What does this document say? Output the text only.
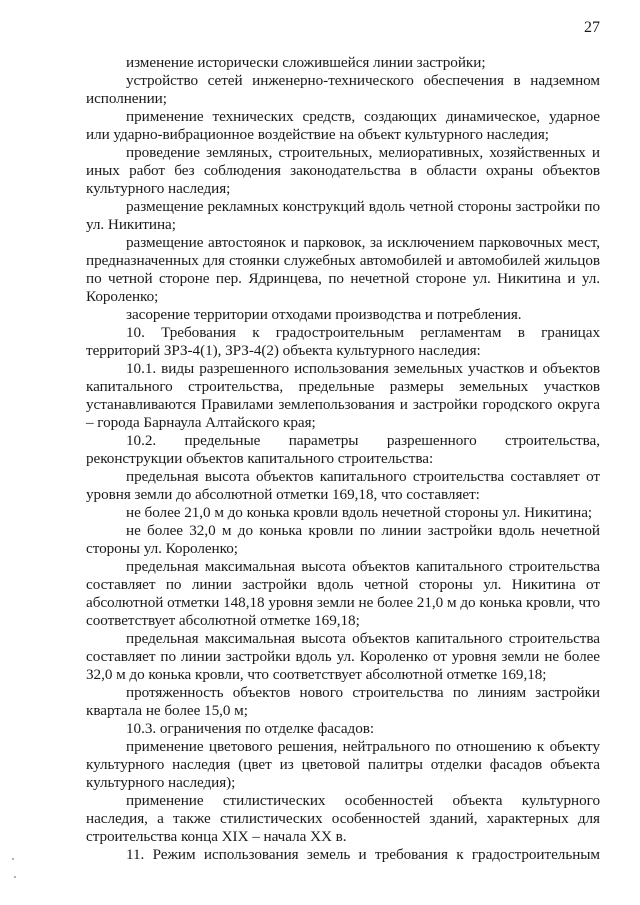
27

изменение исторически сложившейся линии застройки;

устройство сетей инженерно-технического обеспечения в надземном исполнении;

применение технических средств, создающих динамическое, ударное или ударно-вибрационное воздействие на объект культурного наследия;

проведение земляных, строительных, мелиоративных, хозяйственных и иных работ без соблюдения законодательства в области охраны объектов культурного наследия;

размещение рекламных конструкций вдоль четной стороны застройки по ул. Никитина;

размещение автостоянок и парковок, за исключением парковочных мест, предназначенных для стоянки служебных автомобилей и автомобилей жильцов по четной стороне пер. Ядринцева, по нечетной стороне ул. Никитина и ул. Короленко;

засорение территории отходами производства и потребления.

10. Требования к градостроительным регламентам в границах территорий ЗРЗ-4(1), ЗРЗ-4(2) объекта культурного наследия:

10.1. виды разрешенного использования земельных участков и объектов капитального строительства, предельные размеры земельных участков устанавливаются Правилами землепользования и застройки городского округа – города Барнаула Алтайского края;

10.2. предельные параметры разрешенного строительства, реконструкции объектов капитального строительства:

предельная высота объектов капитального строительства составляет от уровня земли до абсолютной отметки 169,18, что составляет:

не более 21,0 м до конька кровли вдоль нечетной стороны ул. Никитина;

не более 32,0 м до конька кровли по линии застройки вдоль нечетной стороны ул. Короленко;

предельная максимальная высота объектов капитального строительства составляет по линии застройки вдоль четной стороны ул. Никитина от абсолютной отметки 148,18 уровня земли не более 21,0 м до конька кровли, что соответствует абсолютной отметке 169,18;

предельная максимальная высота объектов капитального строительства составляет по линии застройки вдоль ул. Короленко от уровня земли не более 32,0 м до конька кровли, что соответствует абсолютной отметке 169,18;

протяженность объектов нового строительства по линиям застройки квартала не более 15,0 м;

10.3. ограничения по отделке фасадов:

применение цветового решения, нейтрального по отношению к объекту культурного наследия (цвет из цветовой палитры отделки фасадов объекта культурного наследия);

применение стилистических особенностей объекта культурного наследия, а также стилистических особенностей зданий, характерных для строительства конца XIX – начала XX в.

11. Режим использования земель и требования к градостроительным
